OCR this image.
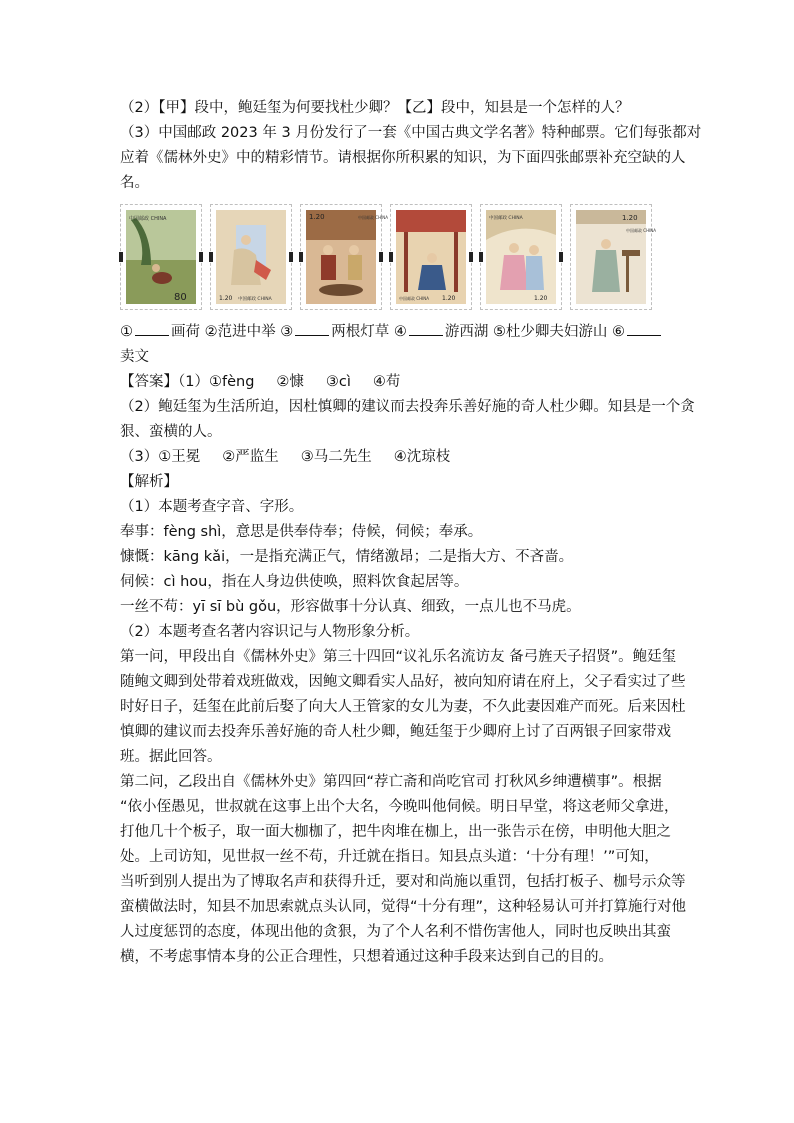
（2）【甲】段中，鲍廷玺为何要找杜少卿？【乙】段中，知县是一个怎样的人？

（3）中国邮政 2023 年 3 月份发行了一套《中国古典文学名著》特种邮票。它们每张都对

应着《儒林外史》中的精彩情节。请根据你所积累的知识，为下面四张邮票补充空缺的人

名。

中国邮政 CHINA
80	1.20 中国邮政 CHINA
1.20	中国邮政 CHINA
1.20
中国邮政 CHINA
中国邮政 CHINA
1.20
1.20
中国邮政 CHINA

①	画荷 ②范进中举 ③	两根灯草 ④	游西湖 ⑤杜少卿夫妇游山 ⑥

卖文

【答案】（1）①fèng ②慷 ③cì ④苟

（2）鲍廷玺为生活所迫，因杜慎卿的建议而去投奔乐善好施的奇人杜少卿。知县是一个贪

狠、蛮横的人。

（3）①王冕 ②严监生 ③马二先生 ④沈琼枝

【解析】

（1）本题考查字音、字形。

奉事：fèng shì，意思是供奉侍奉；侍候，伺候；奉承。

慷慨：kāng kǎi，一是指充满正气，情绪激昂；二是指大方、不吝啬。

伺候：cì hou，指在人身边供使唤，照料饮食起居等。

一丝不苟：yī sī bù gǒu，形容做事十分认真、细致，一点儿也不马虎。

（2）本题考查名著内容识记与人物形象分析。

第一问，甲段出自《儒林外史》第三十四回“议礼乐名流访友 备弓旌天子招贤”。鲍廷玺

随鲍文卿到处带着戏班做戏，因鲍文卿看实人品好，被向知府请在府上，父子看实过了些

时好日子，廷玺在此前后娶了向大人王管家的女儿为妻，不久此妻因难产而死。后来因杜

慎卿的建议而去投奔乐善好施的奇人杜少卿，鲍廷玺于少卿府上讨了百两银子回家带戏

班。据此回答。

第二问，乙段出自《儒林外史》第四回“荐亡斋和尚吃官司 打秋风乡绅遭横事”。根据

“依小侄愚见，世叔就在这事上出个大名，今晚叫他伺候。明日早堂，将这老师父拿进，

打他几十个板子，取一面大枷枷了，把牛肉堆在枷上，出一张告示在傍，申明他大胆之

处。上司访知，见世叔一丝不苟，升迁就在指日。知县点头道：‘十分有理！’”可知，

当听到别人提出为了博取名声和获得升迁，要对和尚施以重罚，包括打板子、枷号示众等

蛮横做法时，知县不加思索就点头认同，觉得“十分有理”，这种轻易认可并打算施行对他

人过度惩罚的态度，体现出他的贪狠，为了个人名利不惜伤害他人，同时也反映出其蛮

横，不考虑事情本身的公正合理性，只想着通过这种手段来达到自己的目的。
